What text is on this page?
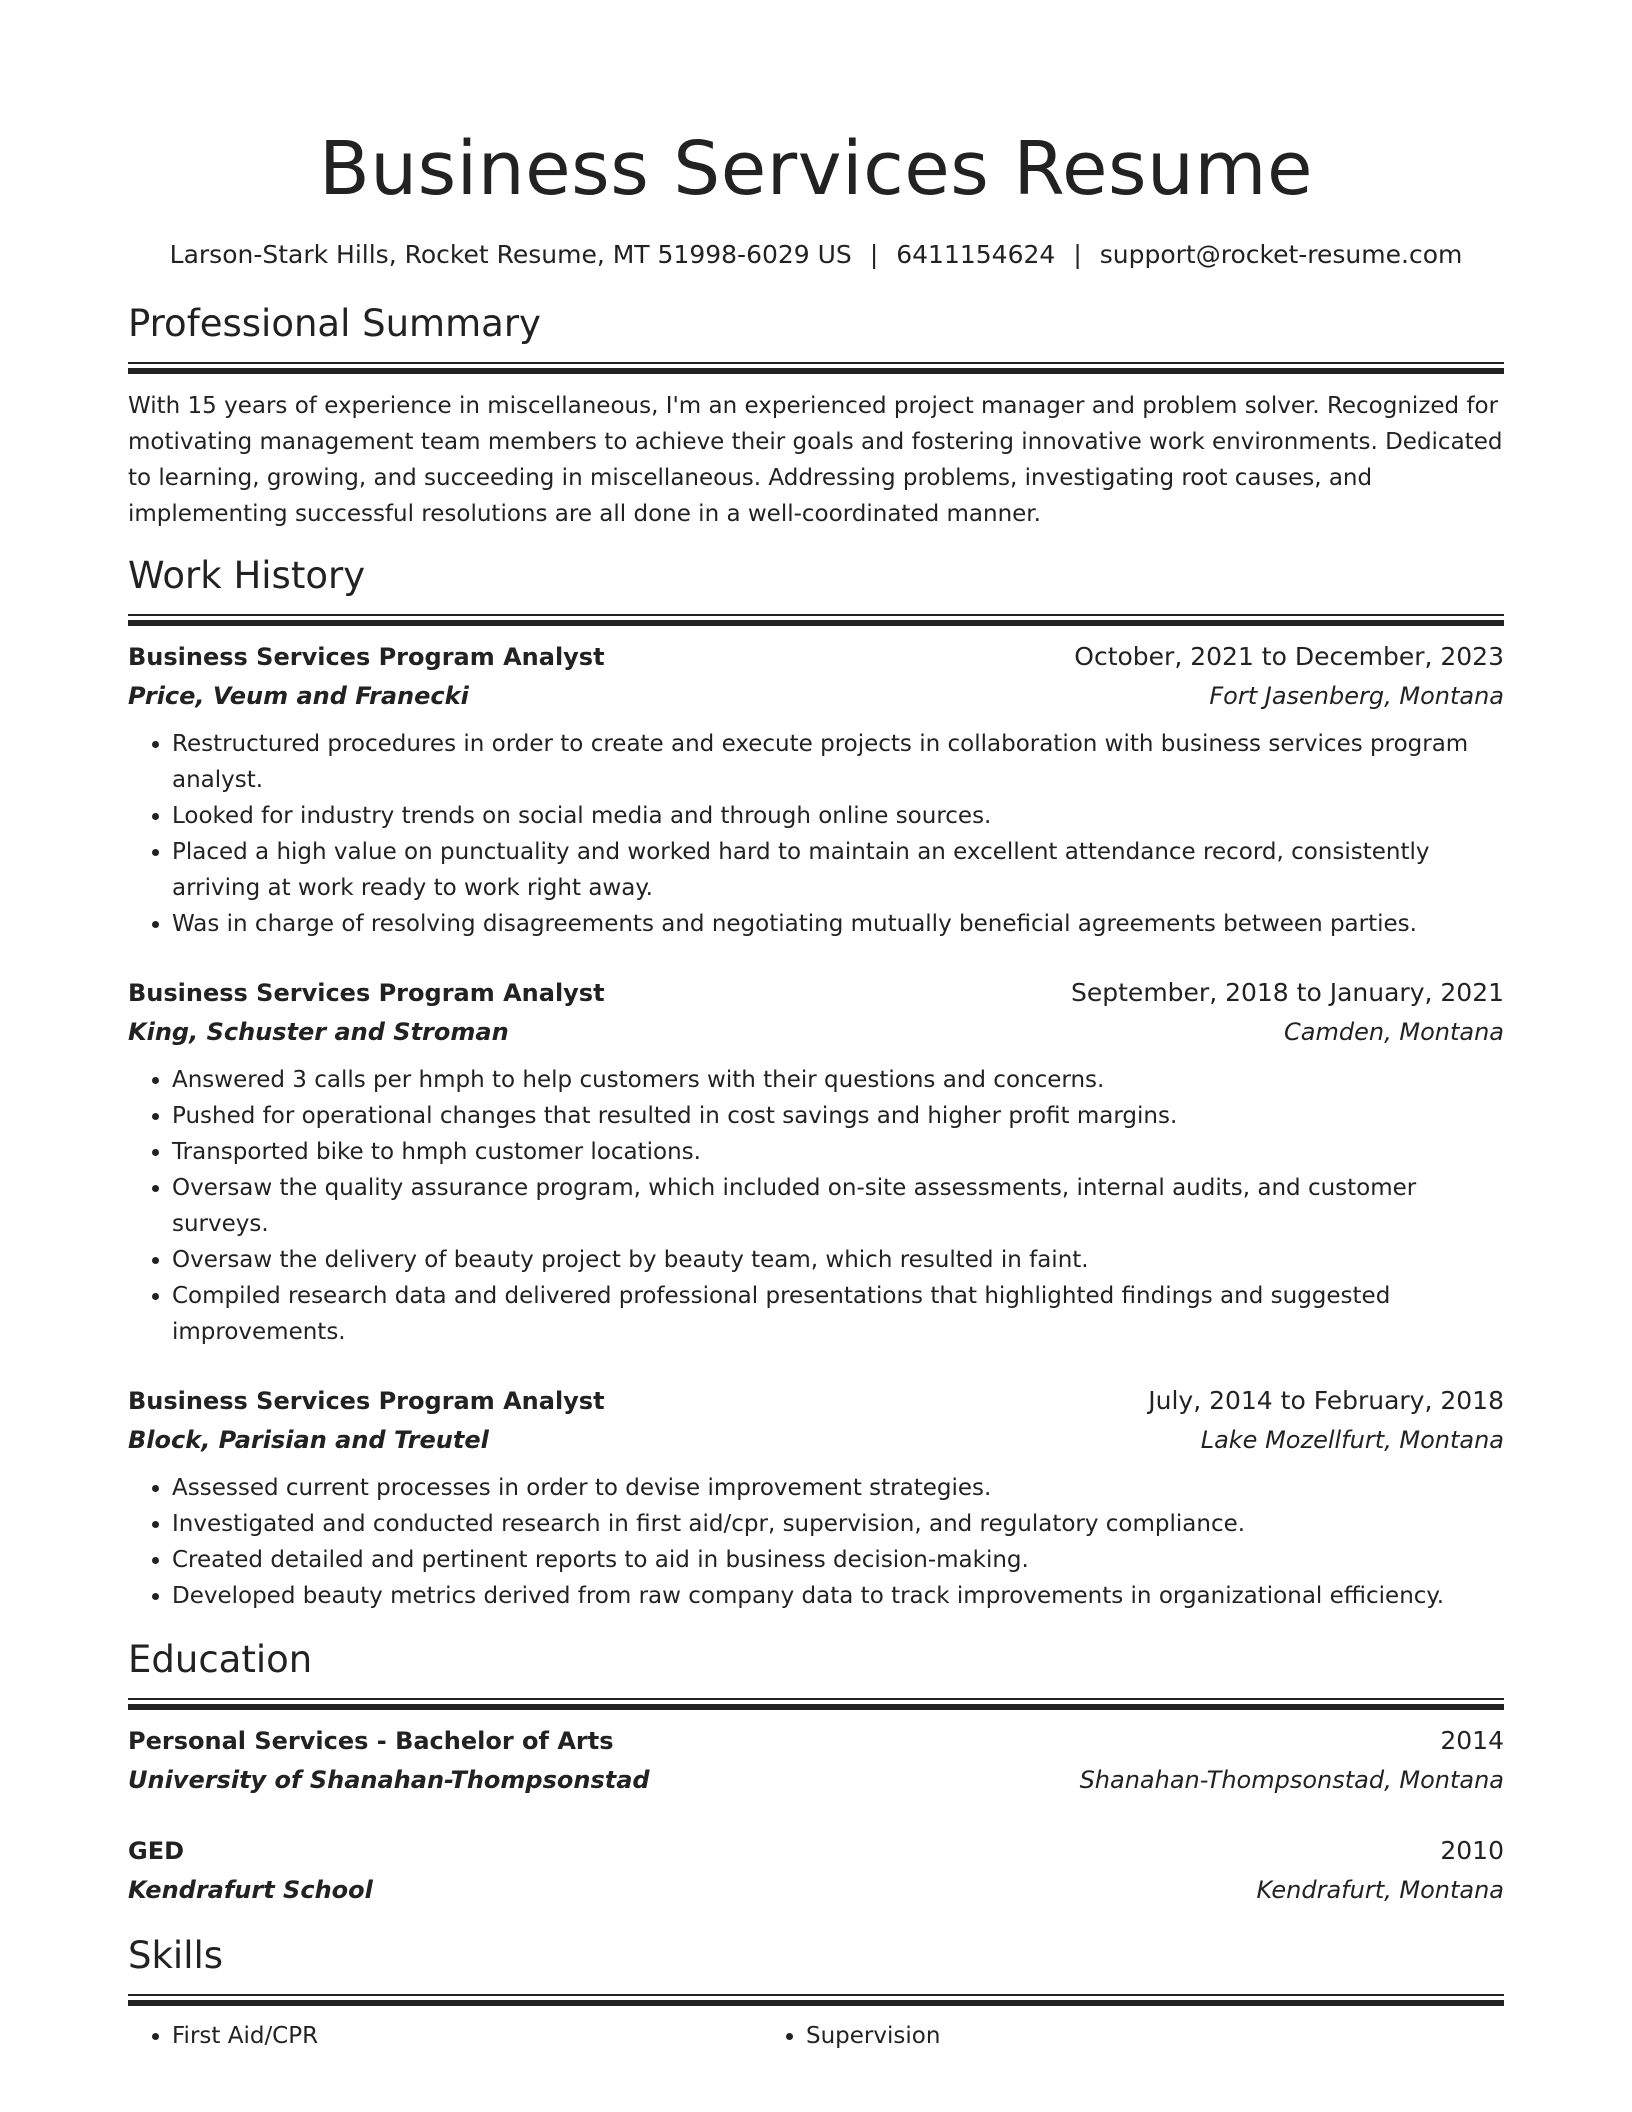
Business Services Resume
Larson-Stark Hills, Rocket Resume, MT 51998-6029 US | 6411154624 | support@rocket-resume.com
Professional Summary
With 15 years of experience in miscellaneous, I'm an experienced project manager and problem solver. Recognized for motivating management team members to achieve their goals and fostering innovative work environments. Dedicated to learning, growing, and succeeding in miscellaneous. Addressing problems, investigating root causes, and implementing successful resolutions are all done in a well-coordinated manner.
Work History
Business Services Program Analyst	October, 2021 to December, 2023
Price, Veum and Franecki	Fort Jasenberg, Montana
• Restructured procedures in order to create and execute projects in collaboration with business services program analyst.
• Looked for industry trends on social media and through online sources.
• Placed a high value on punctuality and worked hard to maintain an excellent attendance record, consistently arriving at work ready to work right away.
• Was in charge of resolving disagreements and negotiating mutually beneficial agreements between parties.
Business Services Program Analyst	September, 2018 to January, 2021
King, Schuster and Stroman	Camden, Montana
• Answered 3 calls per hmph to help customers with their questions and concerns.
• Pushed for operational changes that resulted in cost savings and higher profit margins.
• Transported bike to hmph customer locations.
• Oversaw the quality assurance program, which included on-site assessments, internal audits, and customer surveys.
• Oversaw the delivery of beauty project by beauty team, which resulted in faint.
• Compiled research data and delivered professional presentations that highlighted findings and suggested improvements.
Business Services Program Analyst	July, 2014 to February, 2018
Block, Parisian and Treutel	Lake Mozellfurt, Montana
• Assessed current processes in order to devise improvement strategies.
• Investigated and conducted research in first aid/cpr, supervision, and regulatory compliance.
• Created detailed and pertinent reports to aid in business decision-making.
• Developed beauty metrics derived from raw company data to track improvements in organizational efficiency.
Education
Personal Services - Bachelor of Arts	2014
University of Shanahan-Thompsonstad	Shanahan-Thompsonstad, Montana
GED	2010
Kendrafurt School	Kendrafurt, Montana
Skills
• First Aid/CPR
•	Supervision
